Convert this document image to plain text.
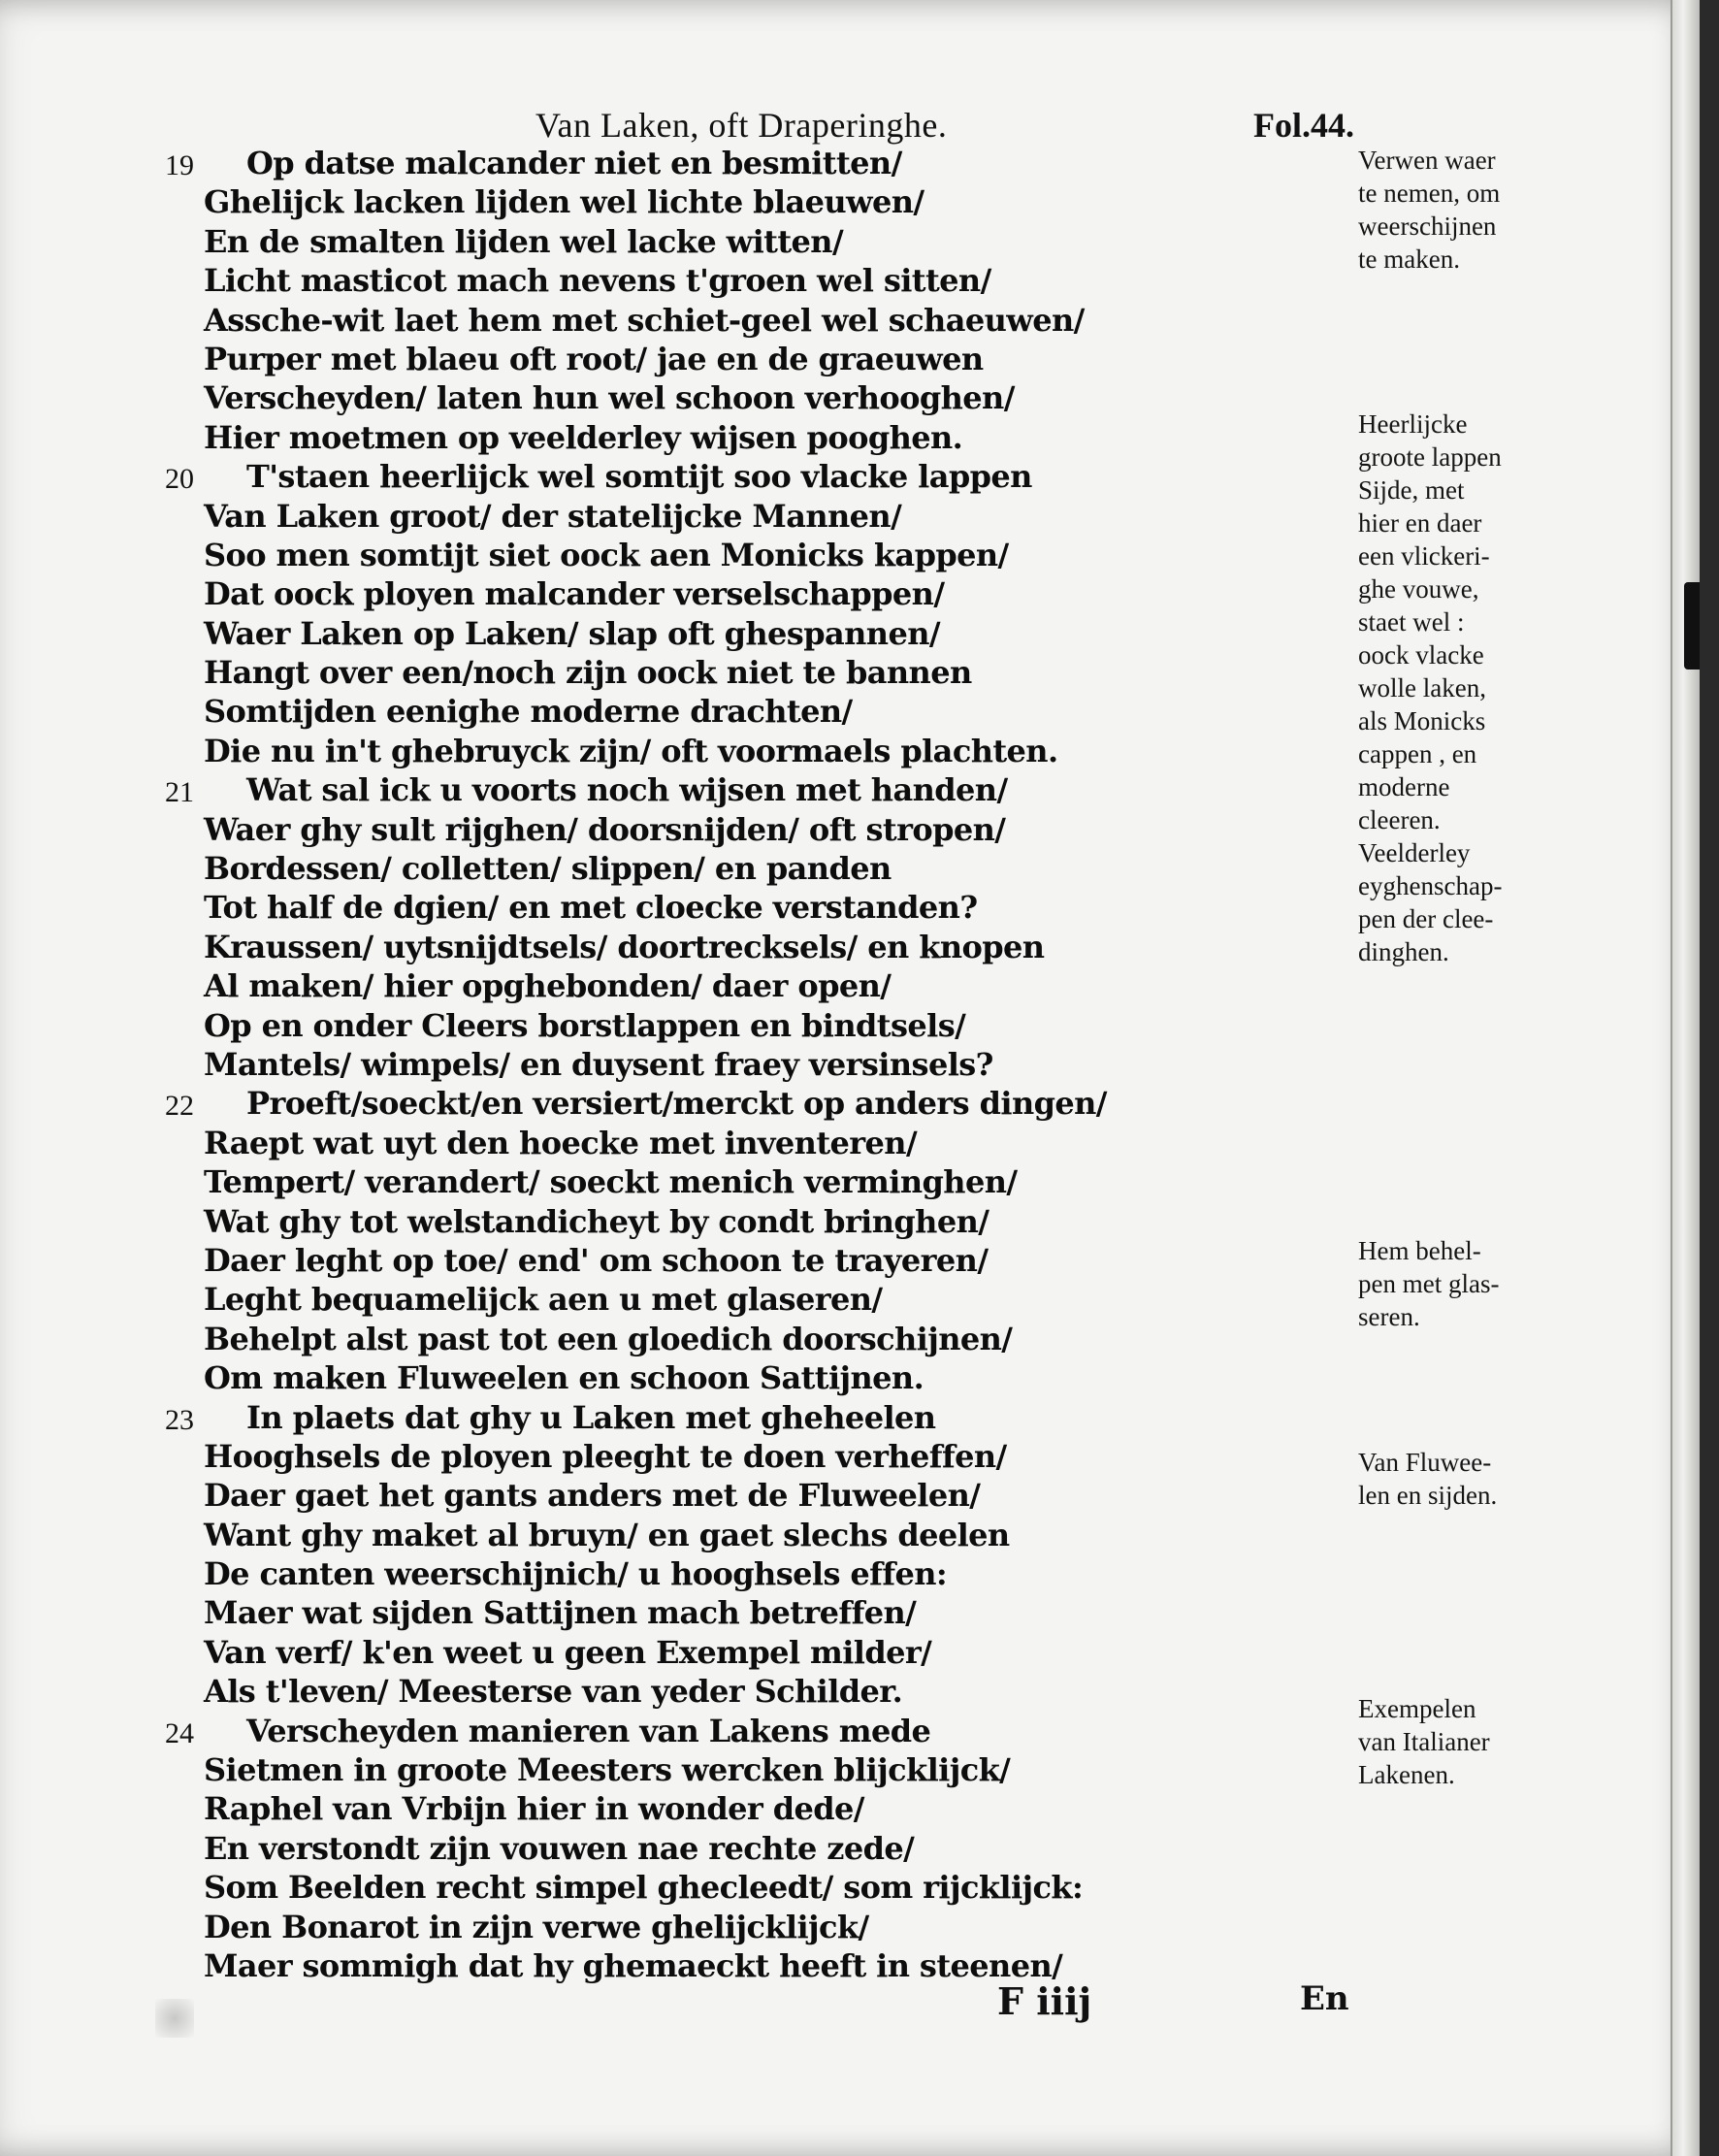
Van Laken, oft Draperinghe.	Fol.44.
19 Op datse malcander niet en besmitten/
Ghelijck lacken lijden wel lichte blaeuwen/
En de smalten lijden wel lacke witten/
Licht masticot mach nevens t'groen wel sitten/
Assche-wit laet hem met schiet-geel wel schaeuwen/
Purper met blaeu oft root/ jae en de graeuwen
Verscheyden/ laten hun wel schoon verhooghen/
Hier moetmen op veelderley wijsen pooghen.
20 T'staen heerlijck wel somtijt soo vlacke lappen
Van Laken groot/ der statelijcke Mannen/
Soo men somtijt siet oock aen Monicks kappen/
Dat oock ployen malcander verselschappen/
Waer Laken op Laken/ slap oft ghespannen/
Hangt over een/noch zijn oock niet te bannen
Somtijden eenighe moderne drachten/
Die nu in't ghebruyck zijn/ oft voormaels plachten.
21 Wat sal ick u voorts noch wijsen met handen/
Waer ghy sult rijghen/ doorsnijden/ oft stropen/
Bordessen/ colletten/ slippen/ en panden
Tot half de dgien/ en met cloecke verstanden?
Kraussen/ uytsnijdtsels/ doortrecksels/ en knopen
Al maken/ hier opghebonden/ daer open/
Op en onder Cleers borstlappen en bindtsels/
Mantels/ wimpels/ en duysent fraey versinsels?
22 Proeft/soeckt/en versiert/merckt op anders dingen/
Raept wat uyt den hoecke met inventeren/
Tempert/ verandert/ soeckt menich verminghen/
Wat ghy tot welstandicheyt by condt bringhen/
Daer leght op toe/ end' om schoon te trayeren/
Leght bequamelijck aen u met glaseren/
Behelpt alst past tot een gloedich doorschijnen/
Om maken Fluweelen en schoon Sattijnen.
23 In plaets dat ghy u Laken met gheheelen
Hooghsels de ployen pleeght te doen verheffen/
Daer gaet het gants anders met de Fluweelen/
Want ghy maket al bruyn/ en gaet slechs deelen
De canten weerschijnich/ u hooghsels effen:
Maer wat sijden Sattijnen mach betreffen/
Van verf/ k'en weet u geen Exempel milder/
Als t'leven/ Meesterse van yeder Schilder.
24 Verscheyden manieren van Lakens mede
Sietmen in groote Meesters wercken blijcklijck/
Raphel van Vrbijn hier in wonder dede/
En verstondt zijn vouwen nae rechte zede/
Som Beelden recht simpel ghecleedt/ som rijcklijck:
Den Bonarot in zijn verwe ghelijcklijck/
Maer sommigh dat hy ghemaeckt heeft in steenen/
Verwen waer
te nemen, om
weerschijnen
te maken.
Heerlijcke
groote lappen
Sijde, met
hier en daer
een vlickeri-
ghe vouwe,
staet wel :
oock vlacke
wolle laken,
als Monicks
cappen , en
moderne
cleeren.
Veelderley
eyghenschap-
pen der clee-
dinghen.
Hem behel-
pen met glas-
seren.
Van Fluwee-
len en sijden.
Exempelen
van Italianer
Lakenen.
F iiij	En
